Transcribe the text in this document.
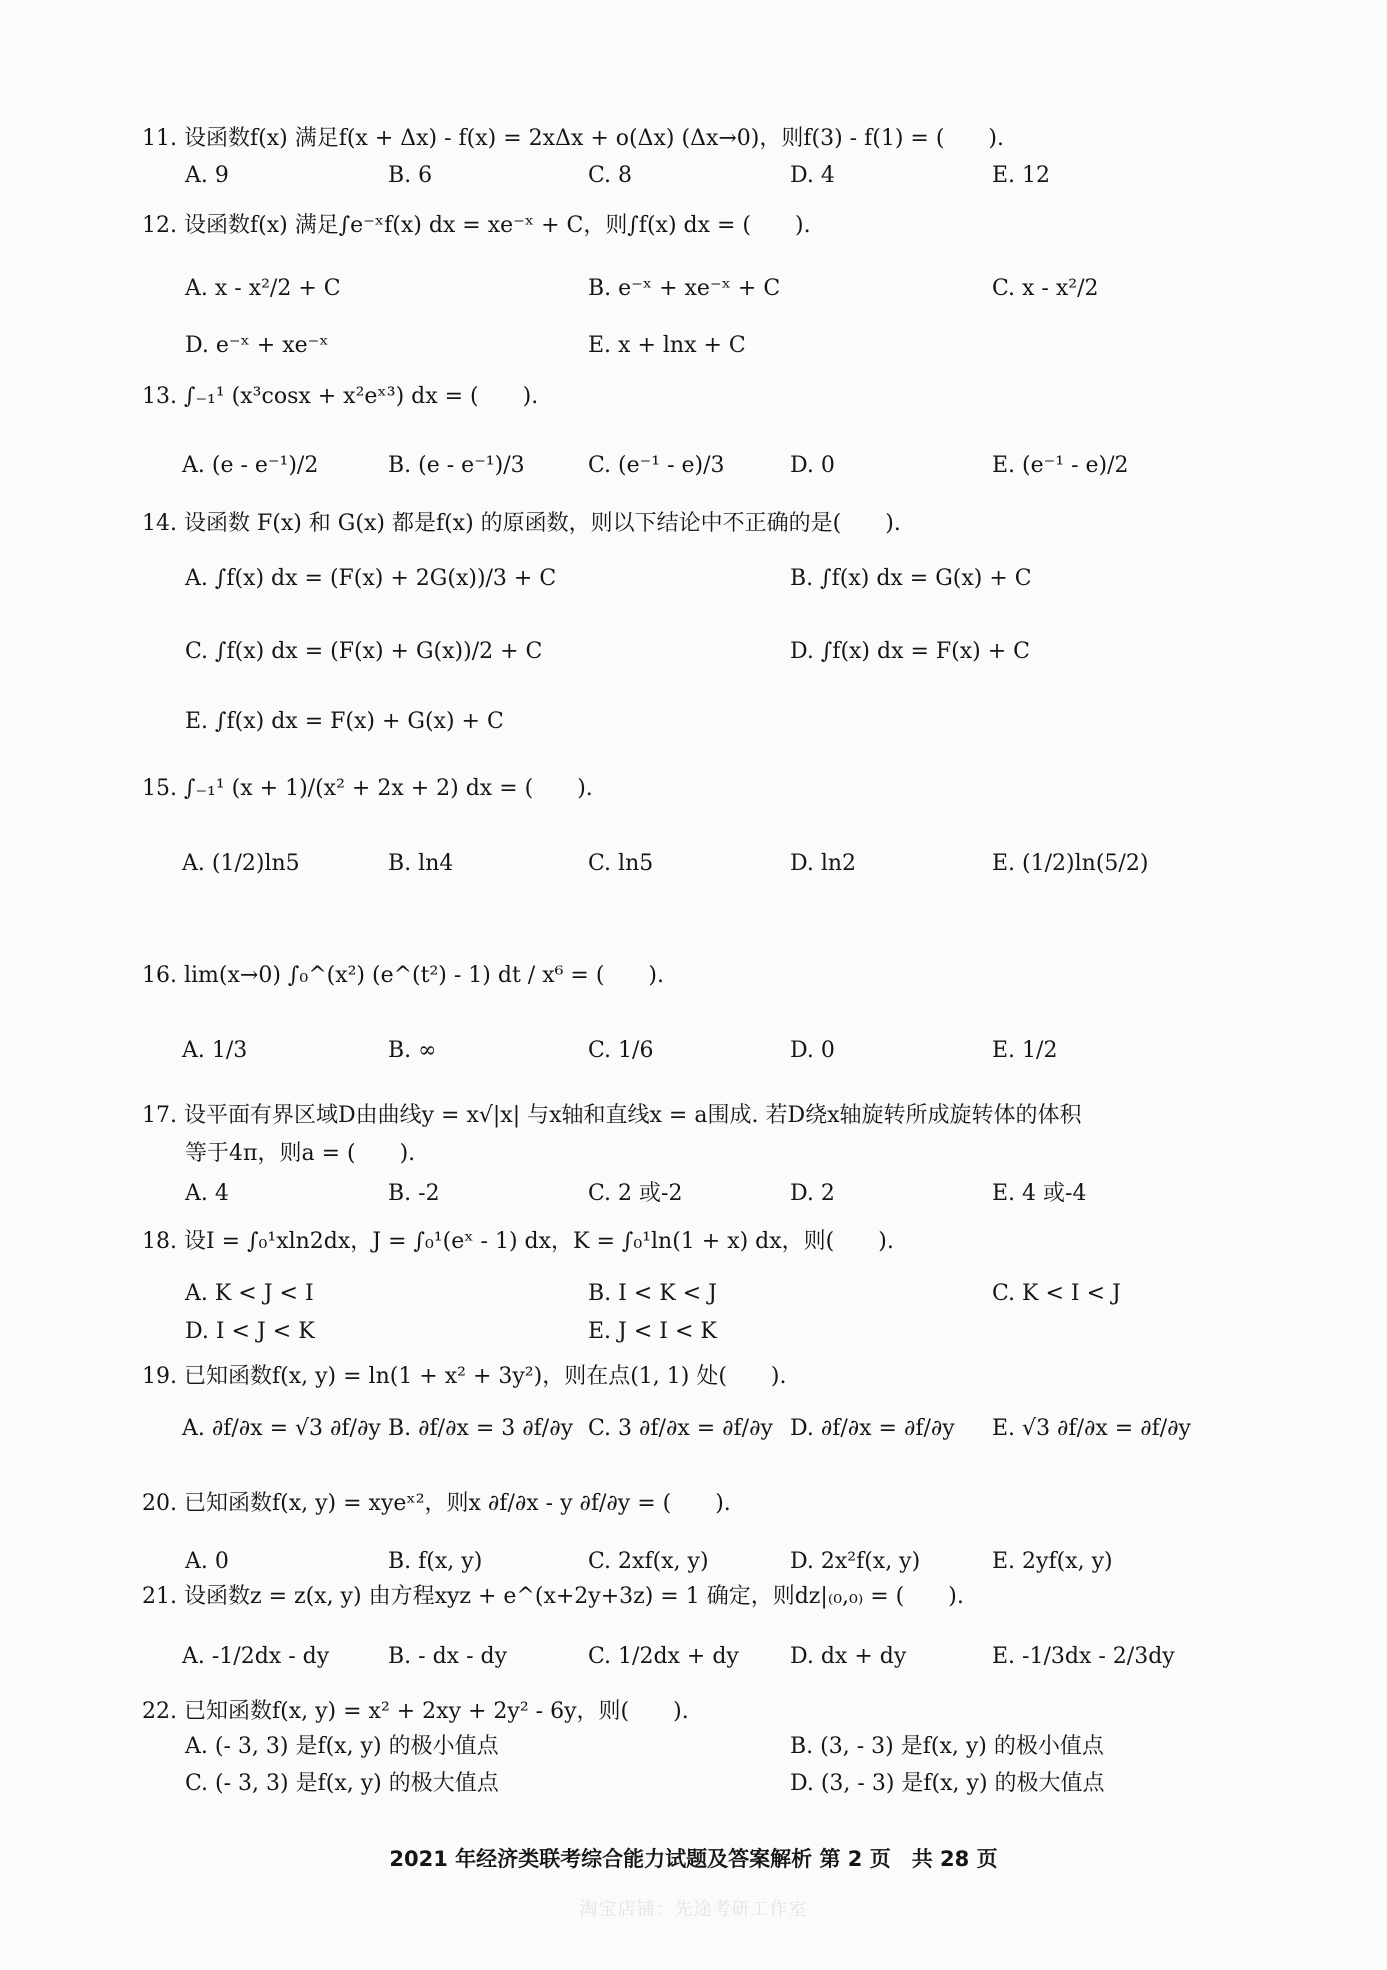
11. 设函数f(x) 满足f(x + Δx) - f(x) = 2xΔx + o(Δx) (Δx→0)，则f(3) - f(1) = (　　).
A. 9	B. 6	C. 8	D. 4	E. 12
12. 设函数f(x) 满足∫e⁻ˣf(x) dx = xe⁻ˣ + C，则∫f(x) dx = (　　).
A. x - x²/2 + C	B. e⁻ˣ + xe⁻ˣ + C	C. x - x²/2
D. e⁻ˣ + xe⁻ˣ	E. x + lnx + C
13. ∫₋₁¹ (x³cosx + x²eˣ³) dx = (　　).
A. (e - e⁻¹)/2	B. (e - e⁻¹)/3	C. (e⁻¹ - e)/3	D. 0	E. (e⁻¹ - e)/2
14. 设函数 F(x) 和 G(x) 都是f(x) 的原函数，则以下结论中不正确的是(　　).
A. ∫f(x) dx = (F(x) + 2G(x))/3 + C	B. ∫f(x) dx = G(x) + C
C. ∫f(x) dx = (F(x) + G(x))/2 + C	D. ∫f(x) dx = F(x) + C
E. ∫f(x) dx = F(x) + G(x) + C
15. ∫₋₁¹ (x + 1)/(x² + 2x + 2) dx = (　　).
A. (1/2)ln5	B. ln4	C. ln5	D. ln2	E. (1/2)ln(5/2)
16. lim(x→0) ∫₀^(x²) (e^(t²) - 1) dt / x⁶ = (　　).
A. 1/3	B. ∞	C. 1/6	D. 0	E. 1/2
17. 设平面有界区域D由曲线y = x√|x| 与x轴和直线x = a围成. 若D绕x轴旋转所成旋转体的体积
等于4π，则a = (　　).
A. 4	B. -2	C. 2 或-2	D. 2	E. 4 或-4
18. 设I = ∫₀¹xln2dx，J = ∫₀¹(eˣ - 1) dx，K = ∫₀¹ln(1 + x) dx，则(　　).
A. K < J < I	B. I < K < J	C. K < I < J
D. I < J < K	E. J < I < K
19. 已知函数f(x, y) = ln(1 + x² + 3y²)，则在点(1, 1) 处(　　).
A. ∂f/∂x = √3 ∂f/∂y B. ∂f/∂x = 3 ∂f/∂y C. 3 ∂f/∂x = ∂f/∂y D. ∂f/∂x = ∂f/∂y E. √3 ∂f/∂x = ∂f/∂y
20. 已知函数f(x, y) = xyeˣ²，则x ∂f/∂x - y ∂f/∂y = (　　).
A. 0	B. f(x, y)	C. 2xf(x, y)	D. 2x²f(x, y)	E. 2yf(x, y)
21. 设函数z = z(x, y) 由方程xyz + e^(x+2y+3z) = 1 确定，则dz|₍₀,₀₎ = (　　).
A. -1/2dx - dy	B. - dx - dy	C. 1/2dx + dy D. dx + dy	E. -1/3dx - 2/3dy
22. 已知函数f(x, y) = x² + 2xy + 2y² - 6y，则(　　).
A. (- 3, 3) 是f(x, y) 的极小值点	B. (3, - 3) 是f(x, y) 的极小值点
C. (- 3, 3) 是f(x, y) 的极大值点	D. (3, - 3) 是f(x, y) 的极大值点
2021 年经济类联考综合能力试题及答案解析 第 2 页　共 28 页
淘宝店铺：先途考研工作室
